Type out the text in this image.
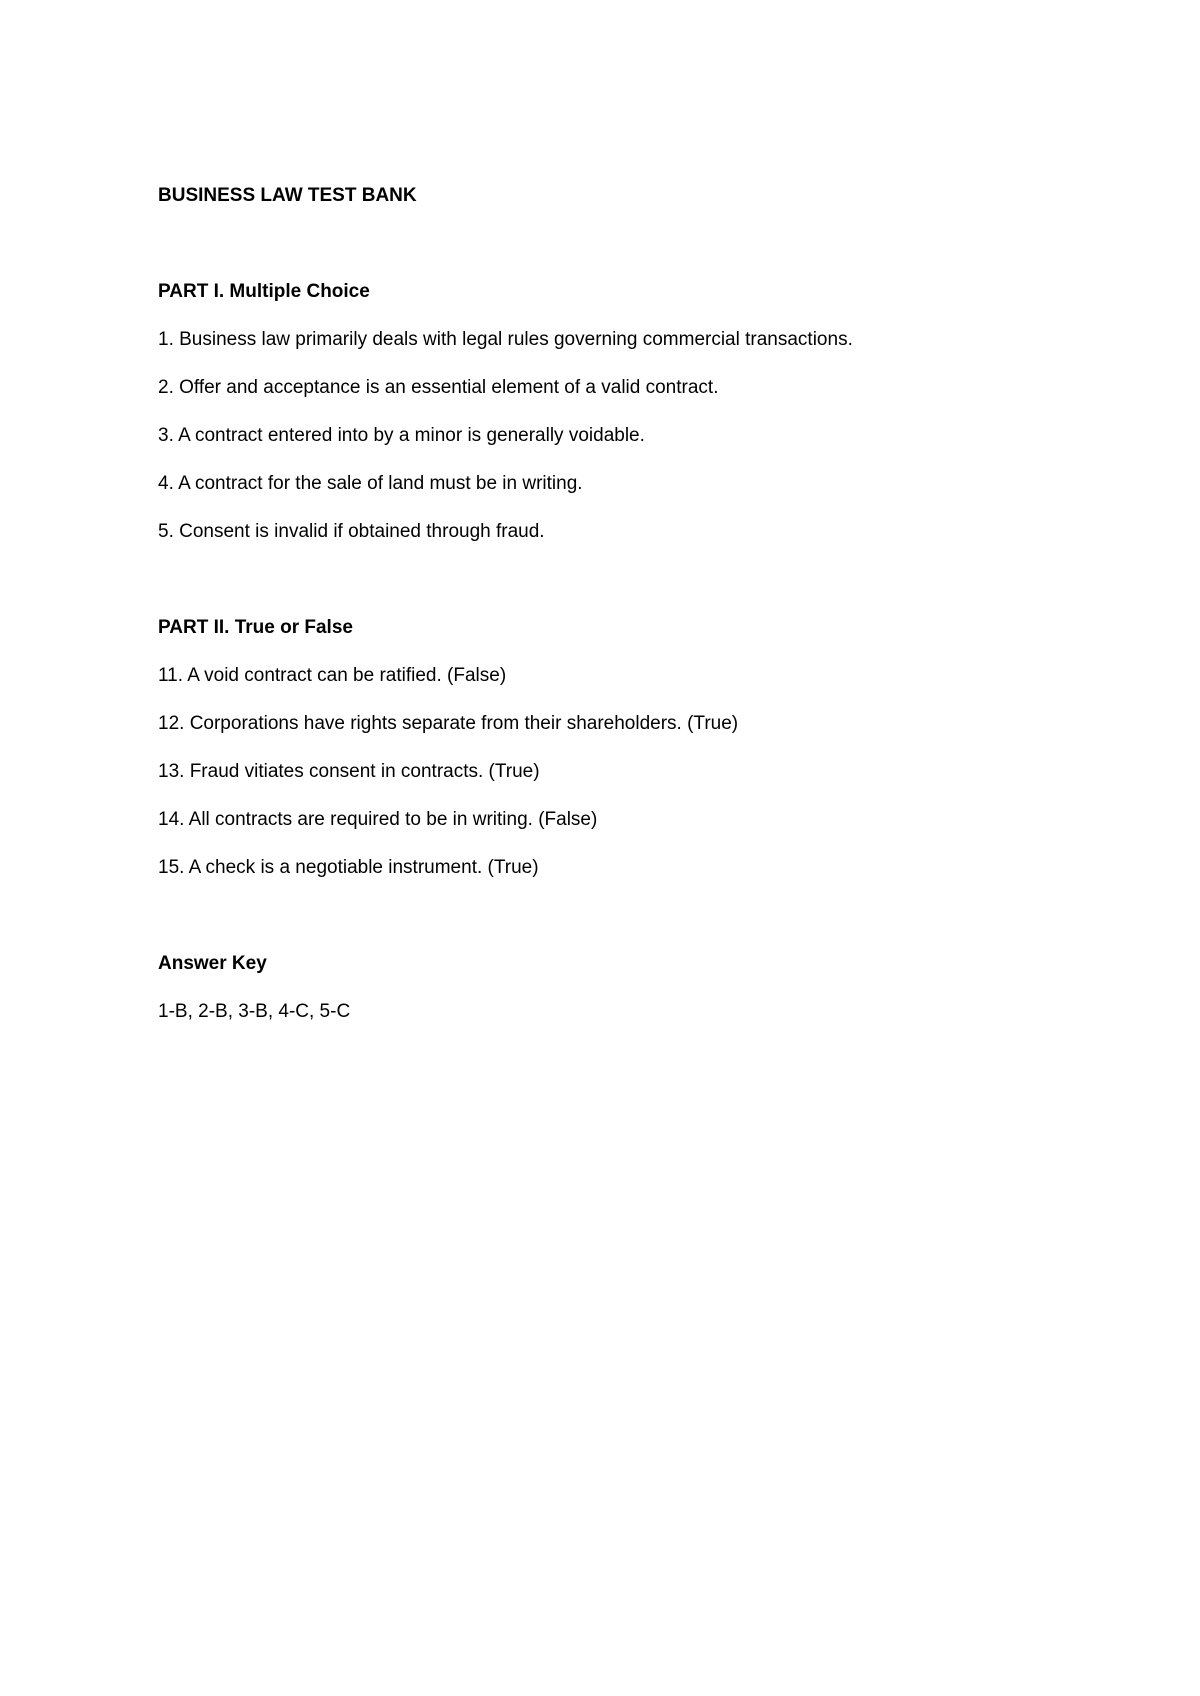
BUSINESS LAW TEST BANK
PART I. Multiple Choice
1. Business law primarily deals with legal rules governing commercial transactions.
2. Offer and acceptance is an essential element of a valid contract.
3. A contract entered into by a minor is generally voidable.
4. A contract for the sale of land must be in writing.
5. Consent is invalid if obtained through fraud.
PART II. True or False
11. A void contract can be ratified. (False)
12. Corporations have rights separate from their shareholders. (True)
13. Fraud vitiates consent in contracts. (True)
14. All contracts are required to be in writing. (False)
15. A check is a negotiable instrument. (True)
Answer Key
1-B, 2-B, 3-B, 4-C, 5-C
